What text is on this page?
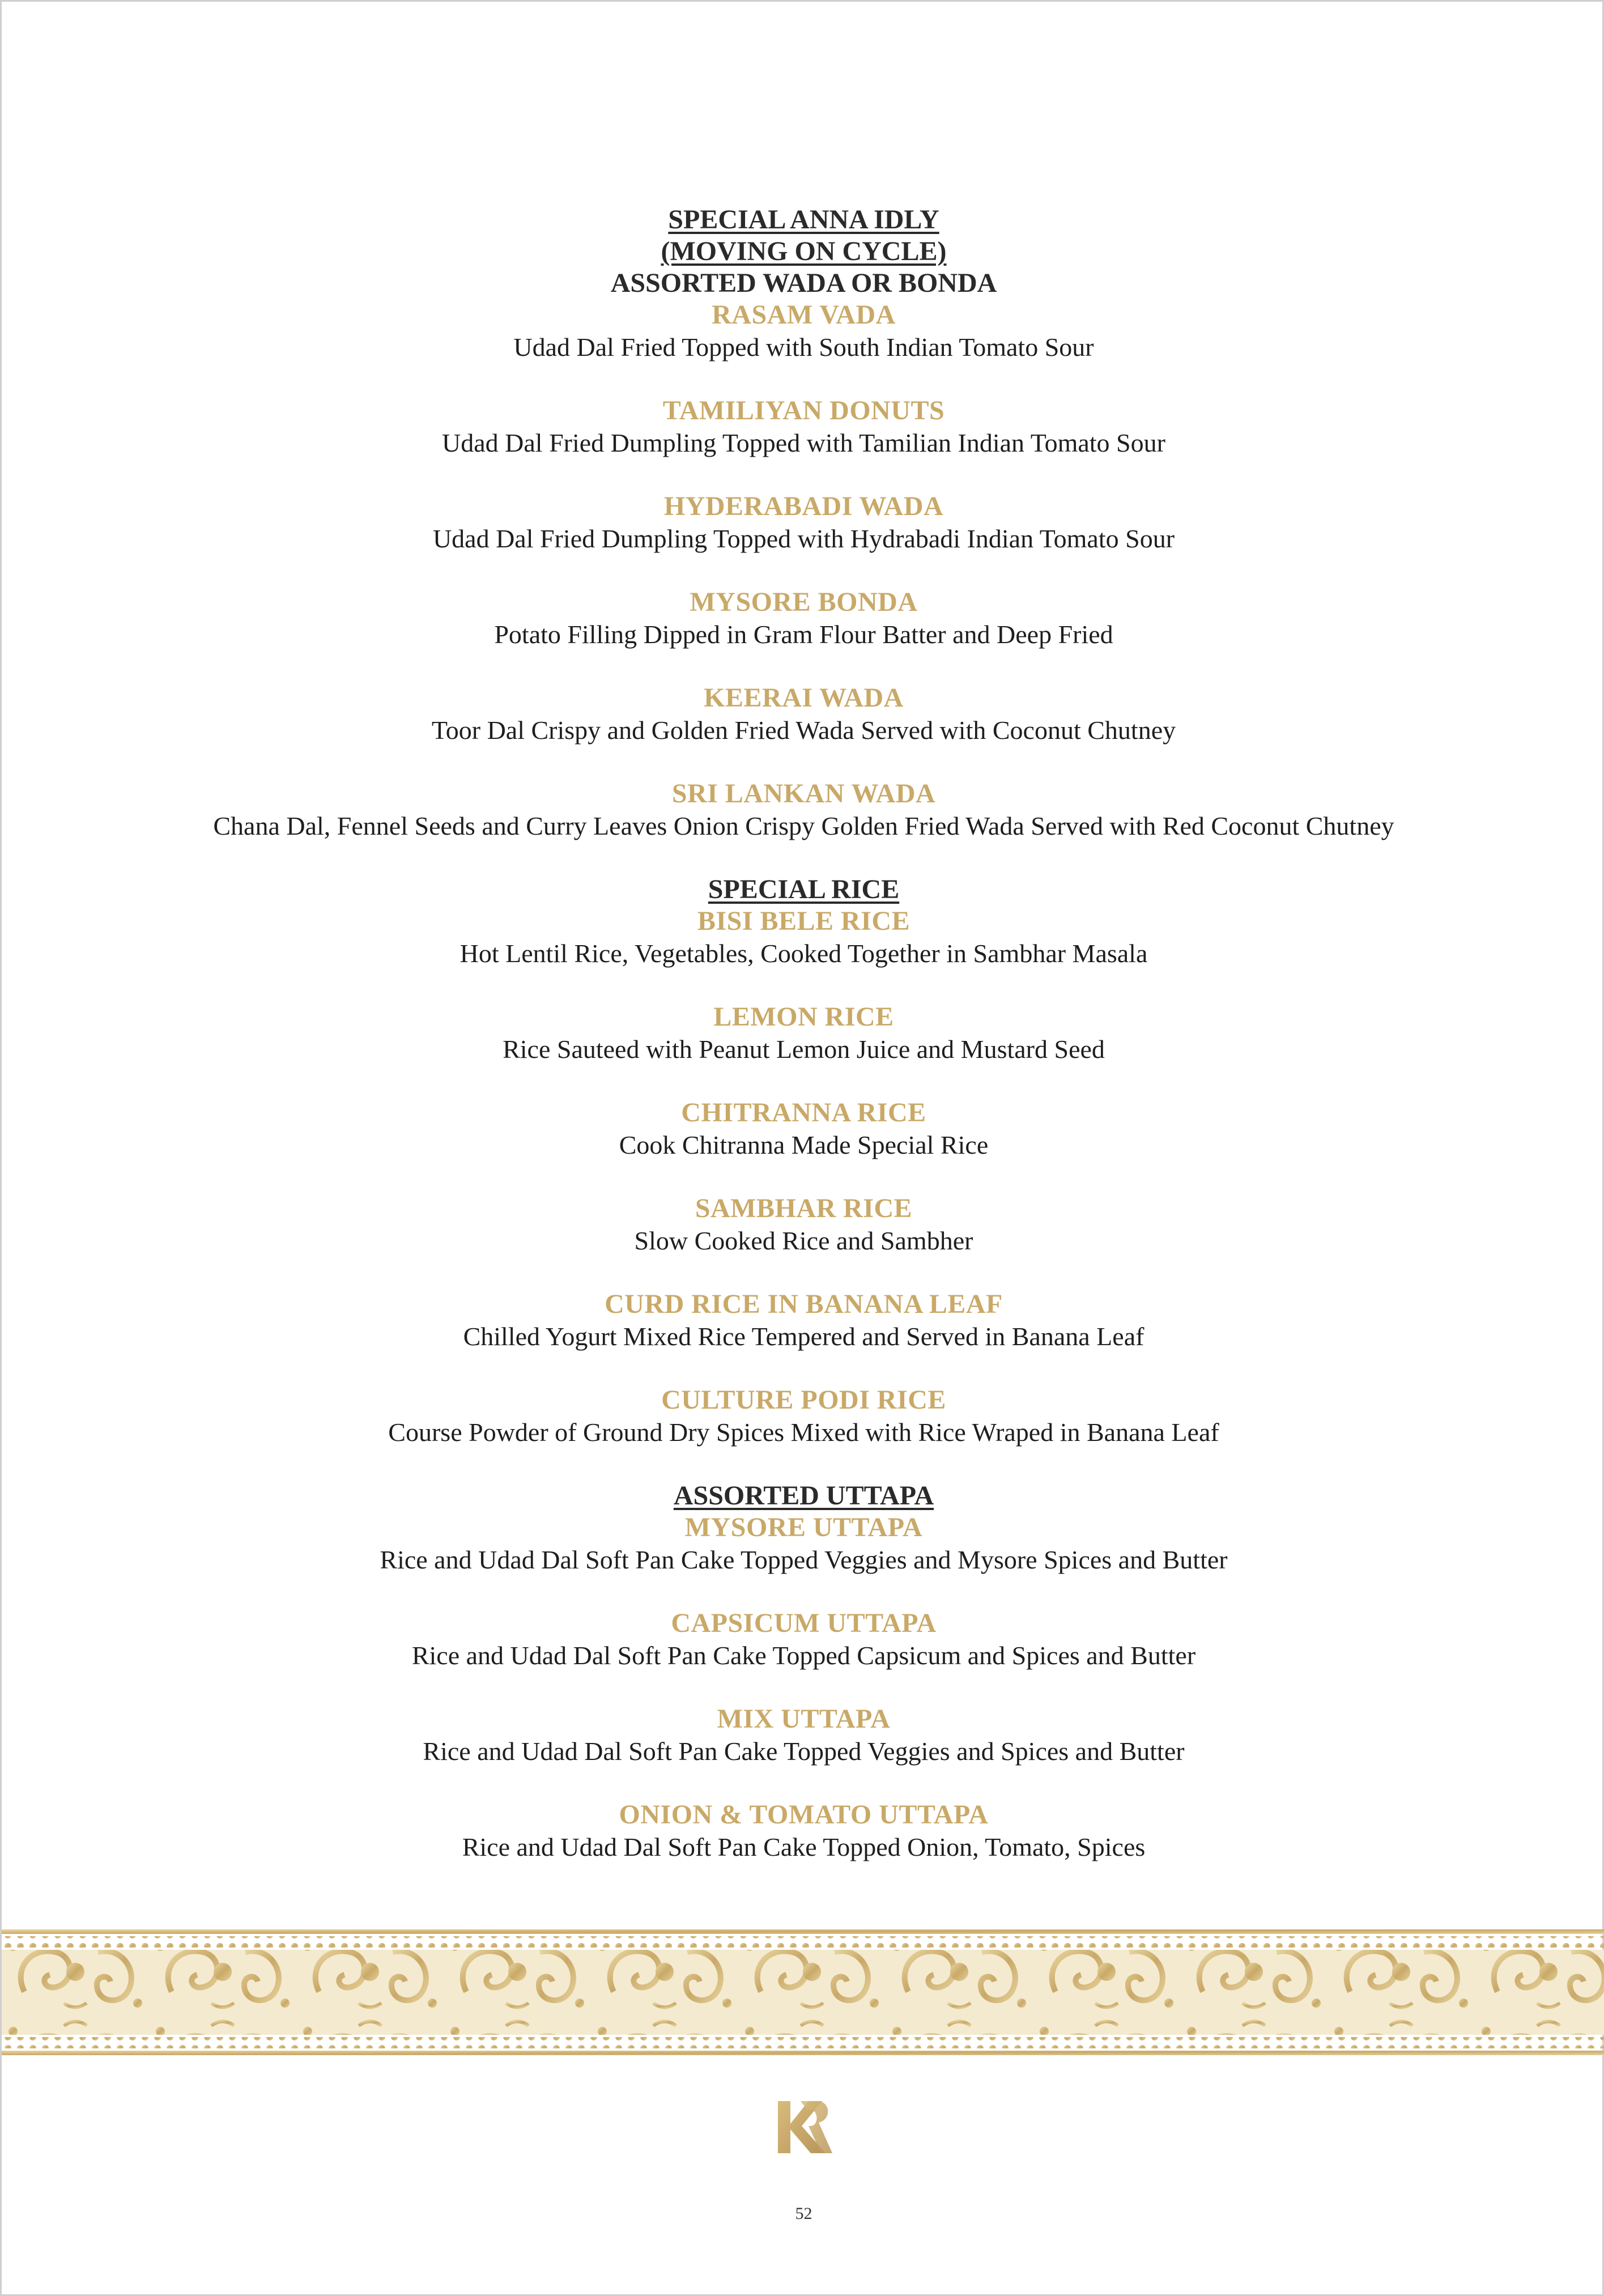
SPECIAL ANNA IDLY
(MOVING ON CYCLE)
ASSORTED WADA OR BONDA
RASAM VADA
Udad Dal Fried Topped with South Indian Tomato Sour
TAMILIYAN DONUTS
Udad Dal Fried Dumpling Topped with Tamilian Indian Tomato Sour
HYDERABADI WADA
Udad Dal Fried Dumpling Topped with Hydrabadi Indian Tomato Sour
MYSORE BONDA
Potato Filling Dipped in Gram Flour Batter and Deep Fried
KEERAI WADA
Toor Dal Crispy and Golden Fried Wada Served with Coconut Chutney
SRI LANKAN WADA
Chana Dal, Fennel Seeds and Curry Leaves Onion Crispy Golden Fried Wada Served with Red Coconut Chutney
SPECIAL RICE
BISI BELE RICE
Hot Lentil Rice, Vegetables, Cooked Together in Sambhar Masala
LEMON RICE
Rice Sauteed with Peanut Lemon Juice and Mustard Seed
CHITRANNA RICE
Cook Chitranna Made Special Rice
SAMBHAR RICE
Slow Cooked Rice and Sambher
CURD RICE IN BANANA LEAF
Chilled Yogurt Mixed Rice Tempered and Served in Banana Leaf
CULTURE PODI RICE
Course Powder of Ground Dry Spices Mixed with Rice Wraped in Banana Leaf
ASSORTED UTTAPA
MYSORE UTTAPA
Rice and Udad Dal Soft Pan Cake Topped Veggies and Mysore Spices and Butter
CAPSICUM UTTAPA
Rice and Udad Dal Soft Pan Cake Topped Capsicum and Spices and Butter
MIX UTTAPA
Rice and Udad Dal Soft Pan Cake Topped Veggies and Spices and Butter
ONION & TOMATO UTTAPA
Rice and Udad Dal Soft Pan Cake Topped Onion, Tomato, Spices
52
